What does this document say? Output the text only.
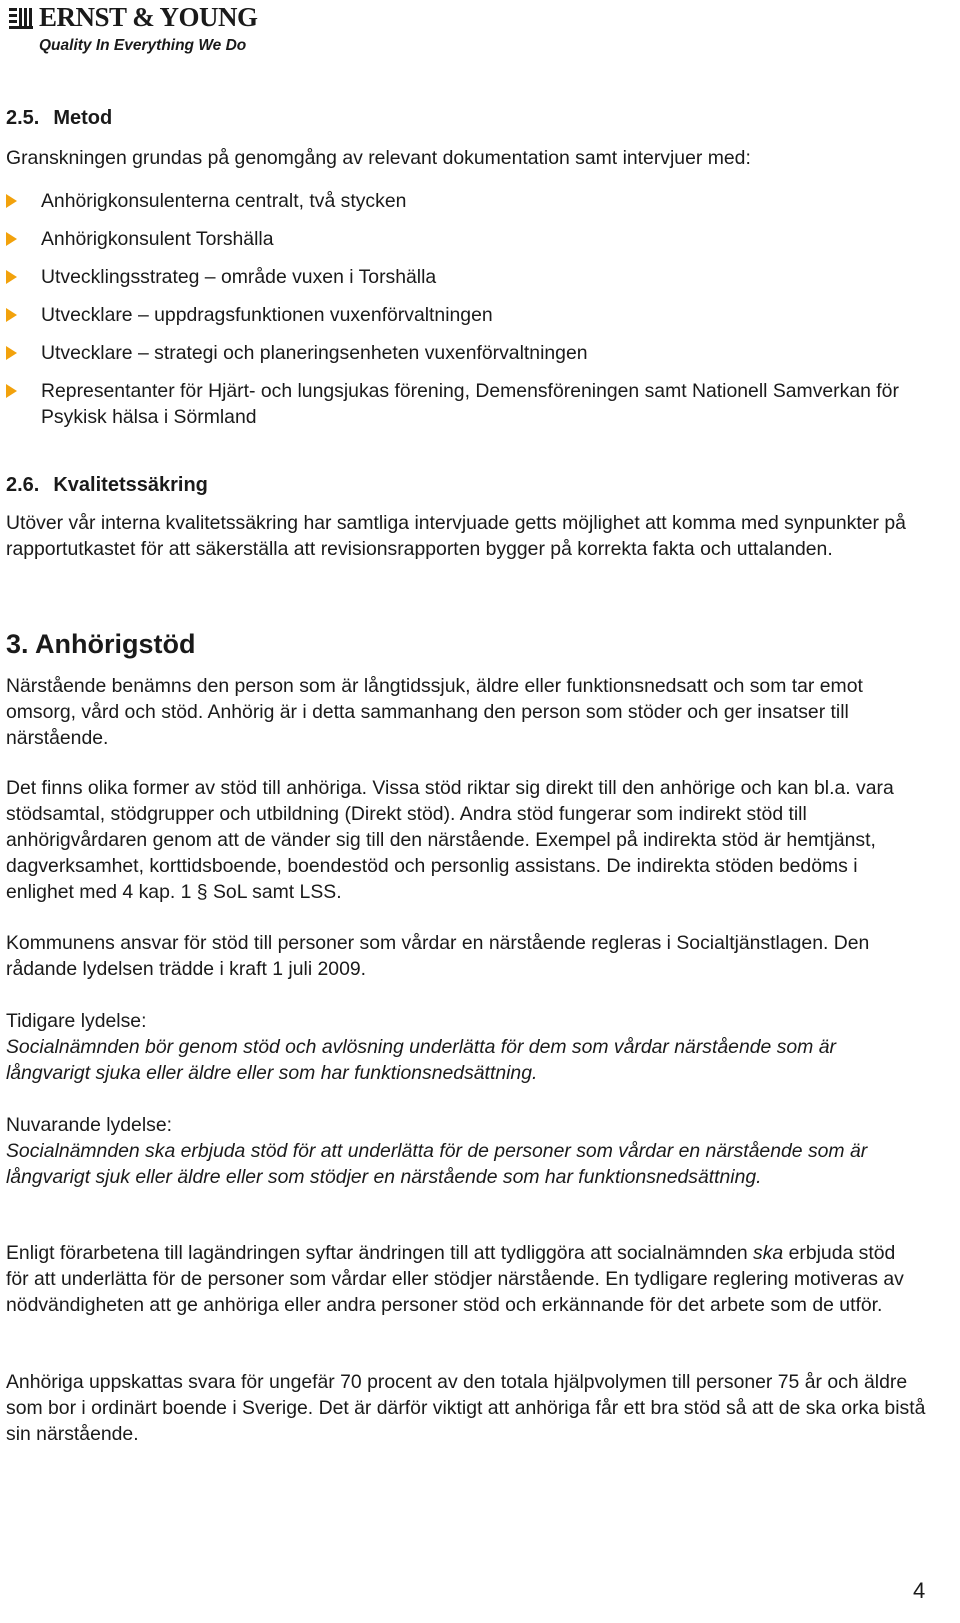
ERNST & YOUNG
Quality In Everything We Do
2.5. Metod
Granskningen grundas på genomgång av relevant dokumentation samt intervjuer med:
Anhörigkonsulenterna centralt, två stycken
Anhörigkonsulent Torshälla
Utvecklingsstrateg – område vuxen i Torshälla
Utvecklare – uppdragsfunktionen vuxenförvaltningen
Utvecklare – strategi och planeringsenheten vuxenförvaltningen
Representanter för Hjärt- och lungsjukas förening, Demensföreningen samt Nationell Samverkan för Psykisk hälsa i Sörmland
2.6. Kvalitetssäkring
Utöver vår interna kvalitetssäkring har samtliga intervjuade getts möjlighet att komma med synpunkter på rapportutkastet för att säkerställa att revisionsrapporten bygger på korrekta fakta och uttalanden.
3. Anhörigstöd
Närstående benämns den person som är långtidssjuk, äldre eller funktionsnedsatt och som tar emot omsorg, vård och stöd. Anhörig är i detta sammanhang den person som stöder och ger insatser till närstående.
Det finns olika former av stöd till anhöriga. Vissa stöd riktar sig direkt till den anhörige och kan bl.a. vara stödsamtal, stödgrupper och utbildning (Direkt stöd). Andra stöd fungerar som indirekt stöd till anhörigvårdaren genom att de vänder sig till den närstående. Exempel på indirekta stöd är hemtjänst, dagverksamhet, korttidsboende, boendestöd och personlig assistans. De indirekta stöden bedöms i enlighet med 4 kap. 1 § SoL samt LSS.
Kommunens ansvar för stöd till personer som vårdar en närstående regleras i Socialtjänstlagen. Den rådande lydelsen trädde i kraft 1 juli 2009.
Tidigare lydelse:
Socialnämnden bör genom stöd och avlösning underlätta för dem som vårdar närstående som är långvarigt sjuka eller äldre eller som har funktionsnedsättning.
Nuvarande lydelse:
Socialnämnden ska erbjuda stöd för att underlätta för de personer som vårdar en närstående som är långvarigt sjuk eller äldre eller som stödjer en närstående som har funktionsnedsättning.
Enligt förarbetena till lagändringen syftar ändringen till att tydliggöra att socialnämnden ska erbjuda stöd för att underlätta för de personer som vårdar eller stödjer närstående. En tydligare reglering motiveras av nödvändigheten att ge anhöriga eller andra personer stöd och erkännande för det arbete som de utför.
Anhöriga uppskattas svara för ungefär 70 procent av den totala hjälpvolymen till personer 75 år och äldre som bor i ordinärt boende i Sverige. Det är därför viktigt att anhöriga får ett bra stöd så att de ska orka bistå sin närstående.
4
